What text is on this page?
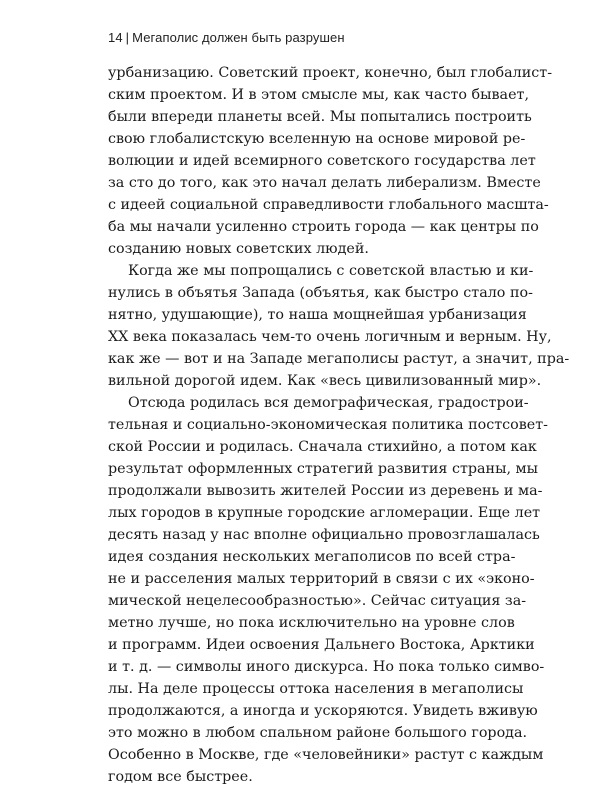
14 | Мегаполис должен быть разрушен
урбанизацию. Советский проект, конечно, был глобалист-
ским проектом. И в этом смысле мы, как часто бывает,
были впереди планеты всей. Мы попытались построить
свою глобалистскую вселенную на основе мировой ре-
волюции и идей всемирного советского государства лет
за сто до того, как это начал делать либерализм. Вместе
с идеей социальной справедливости глобального масшта-
ба мы начали усиленно строить города — как центры по
созданию новых советских людей.
Когда же мы попрощались с советской властью и ки-
нулись в объятья Запада (объятья, как быстро стало по-
нятно, удушающие), то наша мощнейшая урбанизация
XX века показалась чем-то очень логичным и верным. Ну,
как же — вот и на Западе мегаполисы растут, а значит, пра-
вильной дорогой идем. Как «весь цивилизованный мир».
Отсюда родилась вся демографическая, градострои-
тельная и социально-экономическая политика постсовет-
ской России и родилась. Сначала стихийно, а потом как
результат оформленных стратегий развития страны, мы
продолжали вывозить жителей России из деревень и ма-
лых городов в крупные городские агломерации. Еще лет
десять назад у нас вполне официально провозглашалась
идея создания нескольких мегаполисов по всей стра-
не и расселения малых территорий в связи с их «эконо-
мической нецелесообразностью». Сейчас ситуация за-
метно лучше, но пока исключительно на уровне слов
и программ. Идеи освоения Дальнего Востока, Арктики
и т. д. — символы иного дискурса. Но пока только симво-
лы. На деле процессы оттока населения в мегаполисы
продолжаются, а иногда и ускоряются. Увидеть вживую
это можно в любом спальном районе большого города.
Особенно в Москве, где «человейники» растут с каждым
годом все быстрее.
